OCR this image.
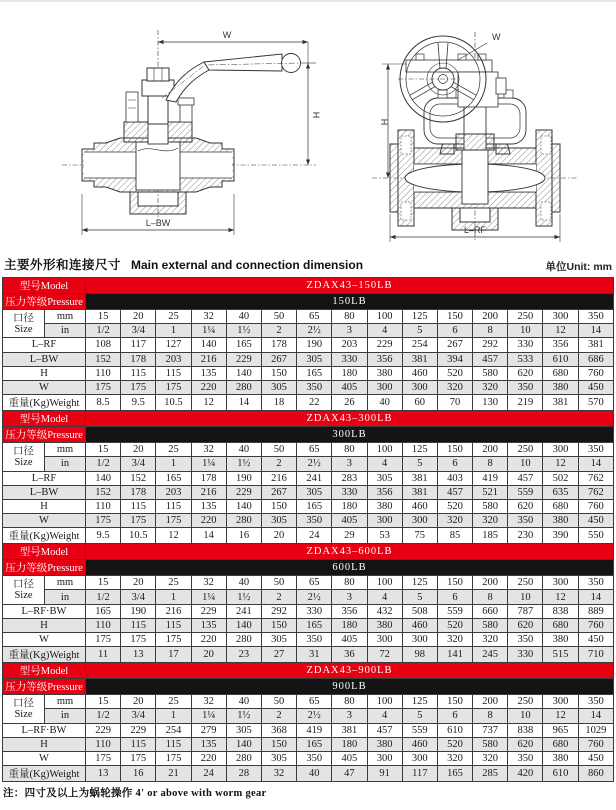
W
H
L–BW
W
H
L–RF
主要外形和连接尺寸 Main external and connection dimension	单位Unit: mm
型号Model		ZDAX43–150LB														
压力等级Pressure		150LB														

口径
Size	mm	15	20	25	32	40	50	65	80	100	125	150	200	250	300	350
	in	1/2	3/4	1	1¼	1½	2	2½	3	4	5	6	8	10	12	14
L–RF		108	117	127	140	165	178	190	203	229	254	267	292	330	356	381
L–BW		152	178	203	216	229	267	305	330	356	381	394	457	533	610	686
H		110	115	115	135	140	150	165	180	380	460	520	580	620	680	760
W		175	175	175	220	280	305	350	405	300	300	320	320	350	380	450
重量(Kg)Weight		8.5	9.5	10.5	12	14	18	22	26	40	60	70	130	219	381	570
型号Model		ZDAX43–300LB														
压力等级Pressure		300LB														

口径
Size	mm	15	20	25	32	40	50	65	80	100	125	150	200	250	300	350
	in	1/2	3/4	1	1¼	1½	2	2½	3	4	5	6	8	10	12	14
L–RF		140	152	165	178	190	216	241	283	305	381	403	419	457	502	762
L–BW		152	178	203	216	229	267	305	330	356	381	457	521	559	635	762
H		110	115	115	135	140	150	165	180	380	460	520	580	620	680	760
W		175	175	175	220	280	305	350	405	300	300	320	320	350	380	450
重量(Kg)Weight		9.5	10.5	12	14	16	20	24	29	53	75	85	185	230	390	550
型号Model		ZDAX43–600LB														
压力等级Pressure		600LB														

口径
Size	mm	15	20	25	32	40	50	65	80	100	125	150	200	250	300	350
	in	1/2	3/4	1	1¼	1½	2	2½	3	4	5	6	8	10	12	14
L–RF·BW		165	190	216	229	241	292	330	356	432	508	559	660	787	838	889
H		110	115	115	135	140	150	165	180	380	460	520	580	620	680	760
W		175	175	175	220	280	305	350	405	300	300	320	320	350	380	450
重量(Kg)Weight		11	13	17	20	23	27	31	36	72	98	141	245	330	515	710
型号Model		ZDAX43–900LB														
压力等级Pressure		900LB														

口径
Size	mm	15	20	25	32	40	50	65	80	100	125	150	200	250	300	350
	in	1/2	3/4	1	1¼	1½	2	2½	3	4	5	6	8	10	12	14
L–RF·BW		229	229	254	279	305	368	419	381	457	559	610	737	838	965	1029
H		110	115	115	135	140	150	165	180	380	460	520	580	620	680	760
W		175	175	175	220	280	305	350	405	300	300	320	320	350	380	450
重量(Kg)Weight		13	16	21	24	28	32	40	47	91	117	165	285	420	610	860
注：四寸及以上为蜗轮操作 4' or above with worm gear
